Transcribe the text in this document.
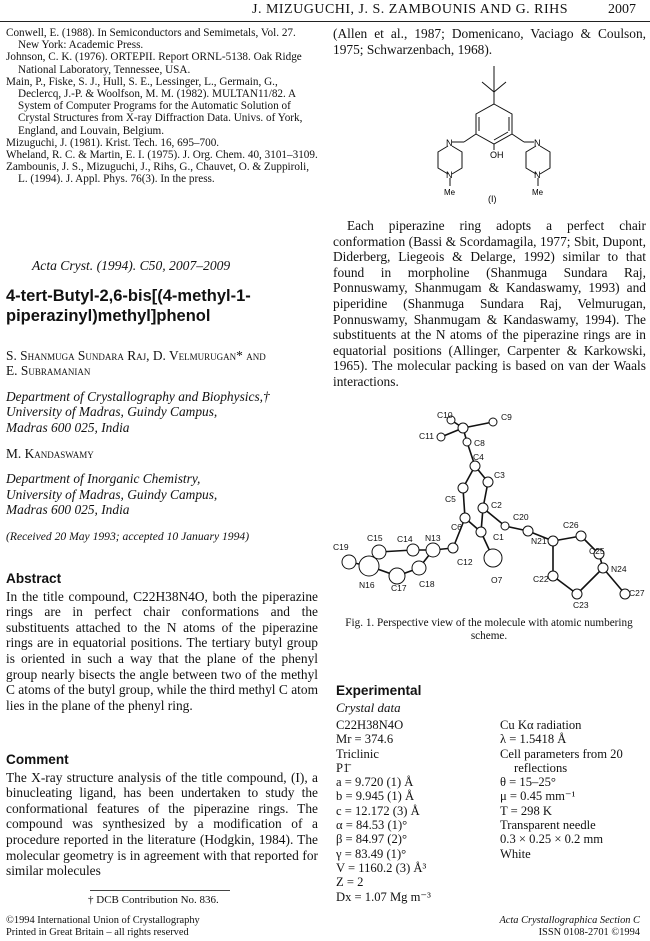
J. MIZUGUCHI, J. S. ZAMBOUNIS AND G. RIHS	2007

Conwell, E. (1988). In Semiconductors and Semimetals, Vol. 27. New York: Academic Press.

Johnson, C. K. (1976). ORTEPII. Report ORNL-5138. Oak Ridge National Laboratory, Tennessee, USA.

Main, P., Fiske, S. J., Hull, S. E., Lessinger, L., Germain, G., Declercq, J.-P. & Woolfson, M. M. (1982). MULTAN11/82. A System of Computer Programs for the Automatic Solution of Crystal Structures from X-ray Diffraction Data. Univs. of York, England, and Louvain, Belgium.

Mizuguchi, J. (1981). Krist. Tech. 16, 695–700.

Wheland, R. C. & Martin, E. I. (1975). J. Org. Chem. 40, 3101–3109.

Zambounis, J. S., Mizuguchi, J., Rihs, G., Chauvet, O. & Zuppiroli, L. (1994). J. Appl. Phys. 76(3). In the press.

Acta Cryst. (1994). C50, 2007–2009
4-tert-Butyl-2,6-bis[(4-methyl-1-
piperazinyl)methyl]phenol
S. Shanmuga Sundara Raj, D. Velmurugan* and
E. Subramanian
Department of Crystallography and Biophysics,†
University of Madras, Guindy Campus,
Madras 600 025, India
M. Kandaswamy
Department of Inorganic Chemistry,
University of Madras, Guindy Campus,
Madras 600 025, India
(Received 20 May 1993; accepted 10 January 1994)
Abstract

In the title compound, C22H38N4O, both the piperazine rings are in perfect chair conformations and the substituents attached to the N atoms of the piperazine rings are in equatorial positions. The tertiary butyl group is oriented in such a way that the plane of the phenyl group nearly bisects the angle between two of the methyl C atoms of the butyl group, while the third methyl C atom lies in the plane of the phenyl ring.

Comment

The X-ray structure analysis of the title compound, (I), a binucleating ligand, has been undertaken to study the conformational features of the piperazine rings. The compound was synthesized by a modification of a procedure reported in the literature (Hodgkin, 1984). The molecular geometry is in agreement with that reported for similar molecules

† DCB Contribution No. 836.

(Allen et al., 1987; Domenicano, Vaciago & Coulson, 1975; Schwarzenbach, 1968).

OH
N
N
N
N
Me	Me
(I)

Each piperazine ring adopts a perfect chair conformation (Bassi & Scordamagila, 1977; Sbit, Dupont, Diderberg, Liegeois & Delarge, 1992) similar to that found in morpholine (Shanmuga Sundara Raj, Ponnuswamy, Shanmugam & Kandaswamy, 1993) and piperidine (Shanmuga Sundara Raj, Velmurugan, Ponnuswamy, Shanmugam & Kandaswamy, 1994). The substituents at the N atoms of the piperazine rings are in equatorial positions (Allinger, Carpenter & Karkowski, 1965). The molecular packing is based on van der Waals interactions.

C10	C9
C11
C8
C4
C3
C5
C2
C6
C20
C1
C26
N21
C15 C14 N13
C25
C19
C12
C22
N24
N16 C17 C18	O7
C23
C27
Fig. 1. Perspective view of the molecule with atomic numbering scheme.
Experimental
Crystal data
C22H38N4O
Mr = 374.6
Triclinic
P1̄
a = 9.720 (1) Å
b = 9.945 (1) Å
c = 12.172 (3) Å
α = 84.53 (1)°
β = 84.97 (2)°
γ = 83.49 (1)°
V = 1160.2 (3) Å³
Z = 2
Dx = 1.07 Mg m⁻³
Cu Kα radiation
λ = 1.5418 Å
Cell parameters from 20
reflections
θ = 15–25°
μ = 0.45 mm⁻¹
T = 298 K
Transparent needle
0.3 × 0.25 × 0.2 mm
White
©1994 International Union of Crystallography
Printed in Great Britain – all rights reserved
Acta Crystallographica Section C
ISSN 0108-2701 ©1994
